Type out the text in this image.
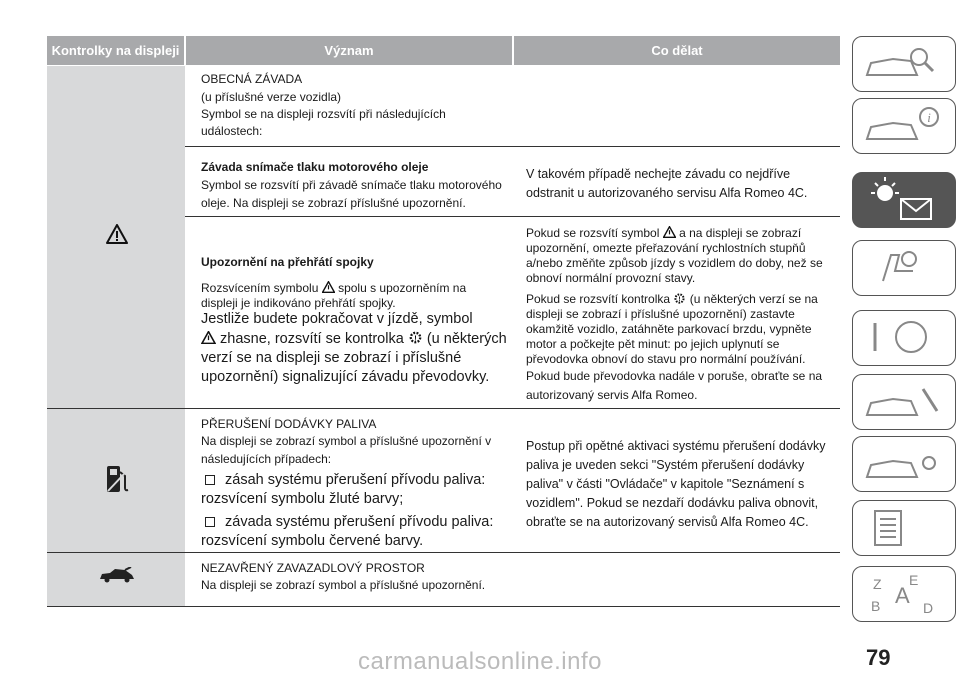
Kontrolky na displeji	Význam	Co dělat
OBECNÁ ZÁVADA
(u příslušné verze vozidla)
Symbol se na displeji rozsvítí při následujících
událostech:
Závada snímače tlaku motorového oleje
Symbol se rozsvítí při závadě snímače tlaku motorového
oleje. Na displeji se zobrazí příslušné upozornění.
V takovém případě nechejte závadu co nejdříve
odstranit u autorizovaného servisu Alfa Romeo 4C.
Upozornění na přehřátí spojky
Rozsvícením symbolu spolu s upozorněním na
displeji je indikováno přehřátí spojky.
Jestliže budete pokračovat v jízdě, symbol
zhasne, rozsvítí se kontrolka ! (u některých
verzí se na displeji se zobrazí i příslušné
upozornění) signalizující závadu převodovky.
Pokud se rozsvítí symbol a na displeji se zobrazí
upozornění, omezte přeřazování rychlostních stupňů
a/nebo změňte způsob jízdy s vozidlem do doby, než se
obnoví normální provozní stavy.
Pokud se rozsvítí kontrolka ! (u některých verzí se na
displeji se zobrazí i příslušné upozornění) zastavte
okamžitě vozidlo, zatáhněte parkovací brzdu, vypněte
motor a počkejte pět minut: po jejich uplynutí se
převodovka obnoví do stavu pro normální používání.
Pokud bude převodovka nadále v poruše, obraťte se na
autorizovaný servis Alfa Romeo.
PŘERUŠENÍ DODÁVKY PALIVA
Na displeji se zobrazí symbol a příslušné upozornění v
následujících případech:
zásah systému přerušení přívodu paliva:
rozsvícení symbolu žluté barvy;
závada systému přerušení přívodu paliva:
rozsvícení symbolu červené barvy.
Postup při opětné aktivaci systému přerušení dodávky
paliva je uveden sekci "Systém přerušení dodávky
paliva" v části "Ovládače" v kapitole "Seznámení s
vozidlem". Pokud se nezdaří dodávku paliva obnovit,
obraťte se na autorizovaný servisů Alfa Romeo 4C.
NEZAVŘENÝ ZAVAZADLOVÝ PROSTOR
Na displeji se zobrazí symbol a příslušné upozornění.
i
Z E
B A D
79
carmanualsonline.info
